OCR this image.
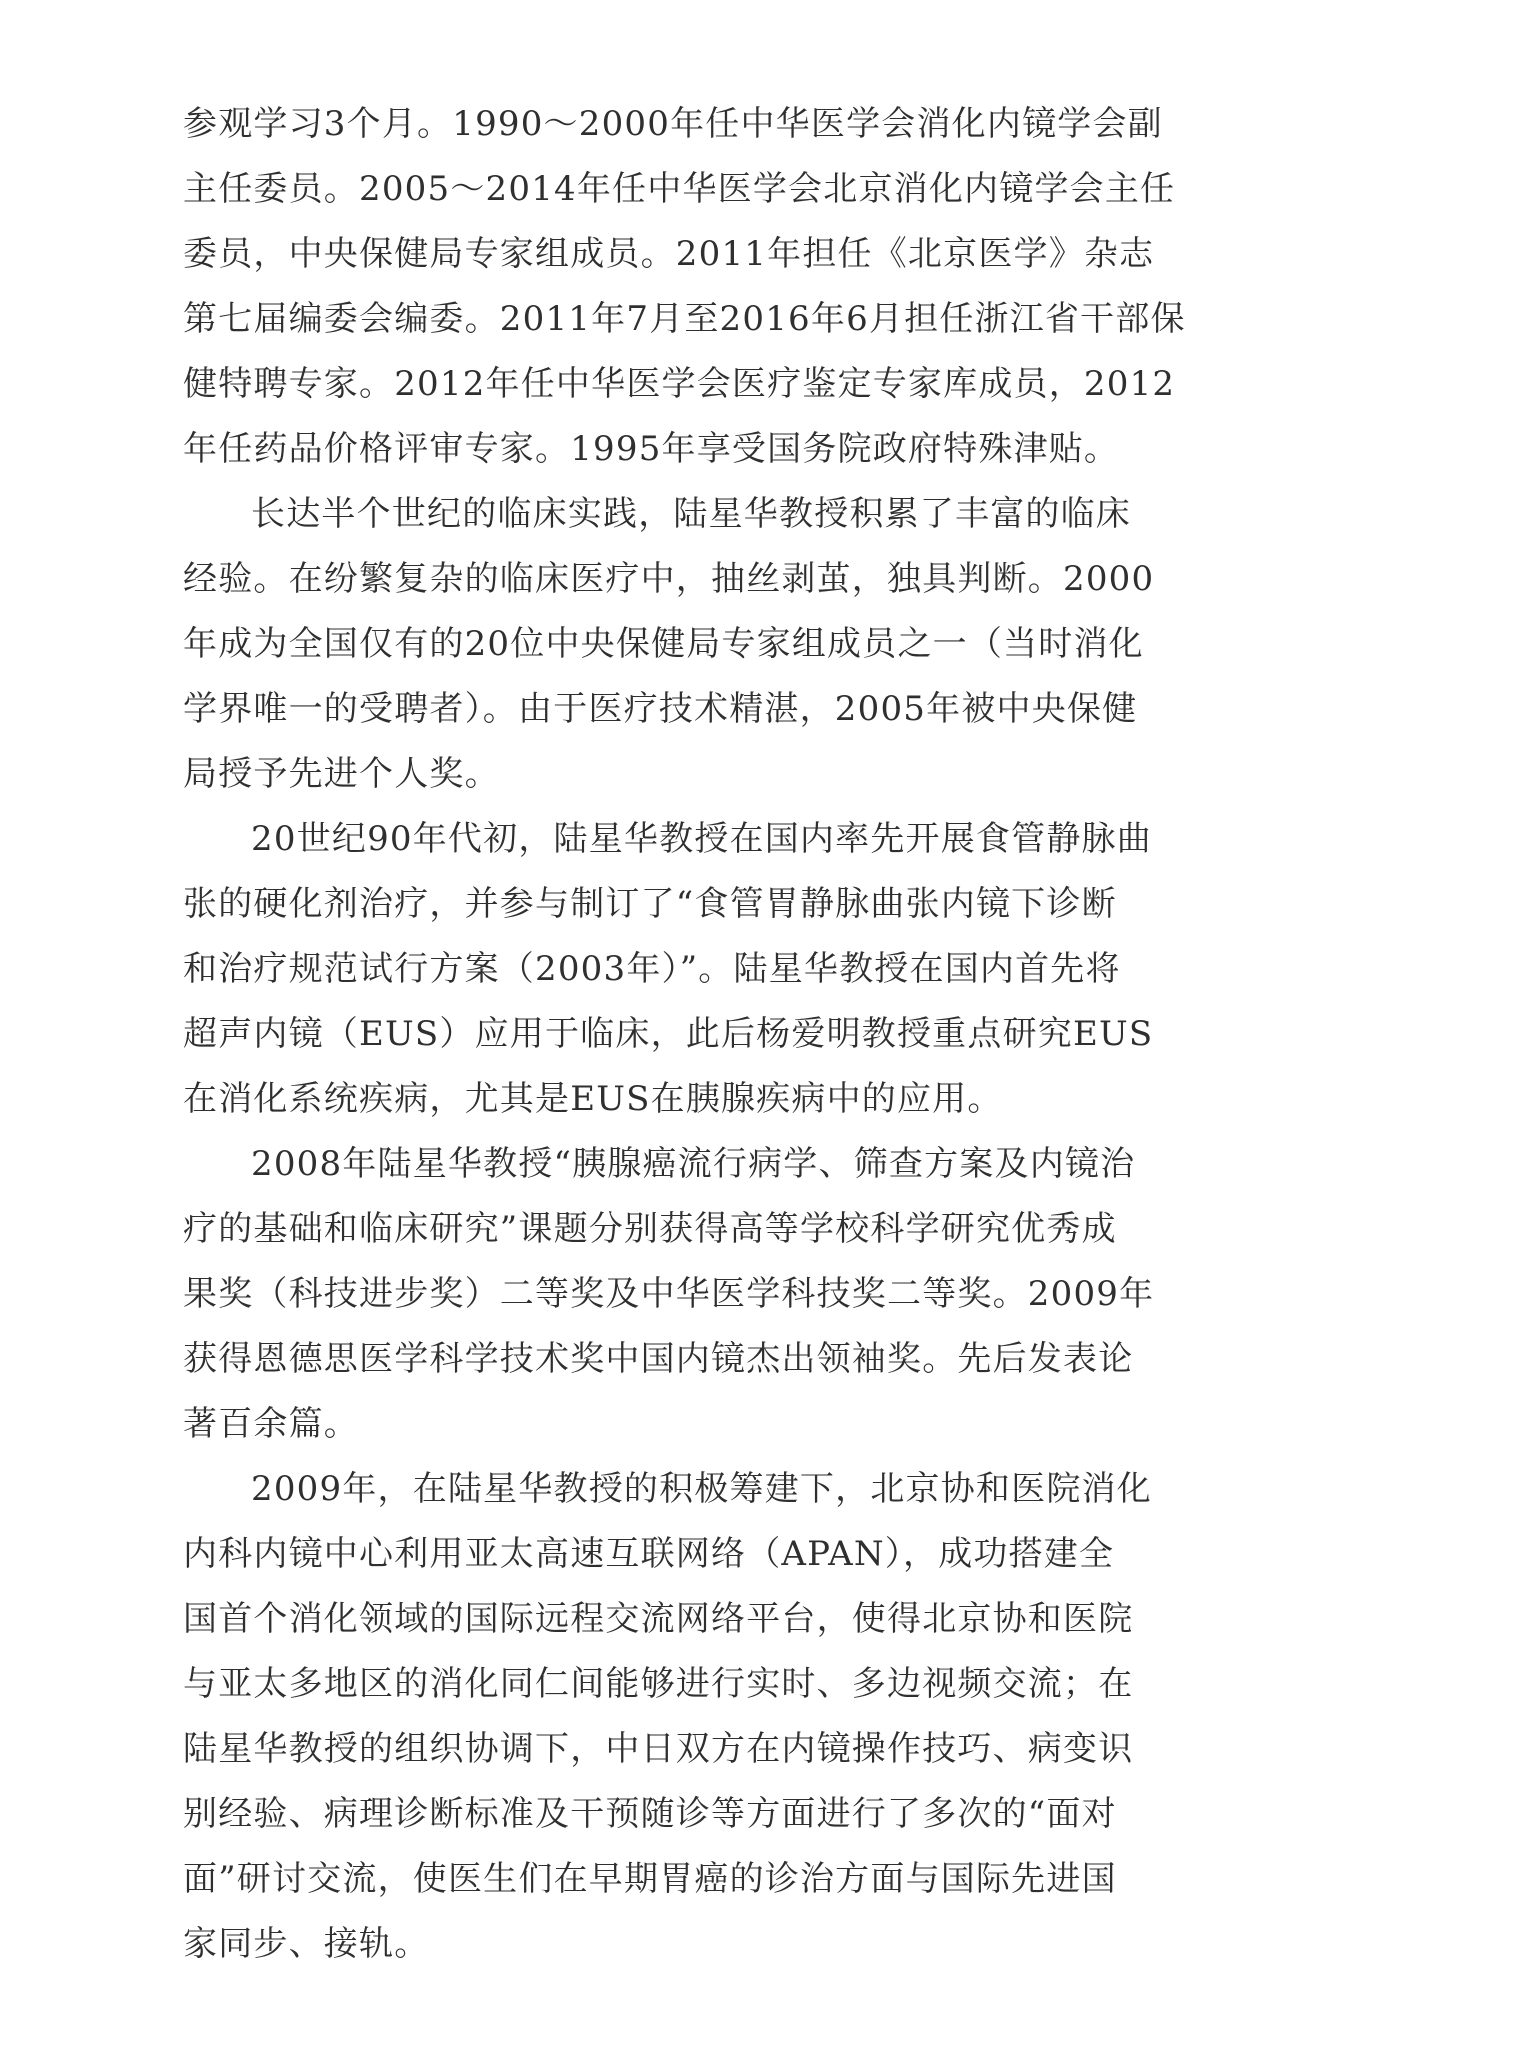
参观学习3个月。1990～2000年任中华医学会消化内镜学会副
主任委员。2005～2014年任中华医学会北京消化内镜学会主任
委员，中央保健局专家组成员。2011年担任《北京医学》杂志
第七届编委会编委。2011年7月至2016年6月担任浙江省干部保
健特聘专家。2012年任中华医学会医疗鉴定专家库成员，2012
年任药品价格评审专家。1995年享受国务院政府特殊津贴。
长达半个世纪的临床实践，陆星华教授积累了丰富的临床
经验。在纷繁复杂的临床医疗中，抽丝剥茧，独具判断。2000
年成为全国仅有的20位中央保健局专家组成员之一（当时消化
学界唯一的受聘者）。由于医疗技术精湛，2005年被中央保健
局授予先进个人奖。
20世纪90年代初，陆星华教授在国内率先开展食管静脉曲
张的硬化剂治疗，并参与制订了“食管胃静脉曲张内镜下诊断
和治疗规范试行方案（2003年）”。陆星华教授在国内首先将
超声内镜（EUS）应用于临床，此后杨爱明教授重点研究EUS
在消化系统疾病，尤其是EUS在胰腺疾病中的应用。
2008年陆星华教授“胰腺癌流行病学、筛查方案及内镜治
疗的基础和临床研究”课题分别获得高等学校科学研究优秀成
果奖（科技进步奖）二等奖及中华医学科技奖二等奖。2009年
获得恩德思医学科学技术奖中国内镜杰出领袖奖。先后发表论
著百余篇。
2009年，在陆星华教授的积极筹建下，北京协和医院消化
内科内镜中心利用亚太高速互联网络（APAN），成功搭建全
国首个消化领域的国际远程交流网络平台，使得北京协和医院
与亚太多地区的消化同仁间能够进行实时、多边视频交流；在
陆星华教授的组织协调下，中日双方在内镜操作技巧、病变识
别经验、病理诊断标准及干预随诊等方面进行了多次的“面对
面”研讨交流，使医生们在早期胃癌的诊治方面与国际先进国
家同步、接轨。
